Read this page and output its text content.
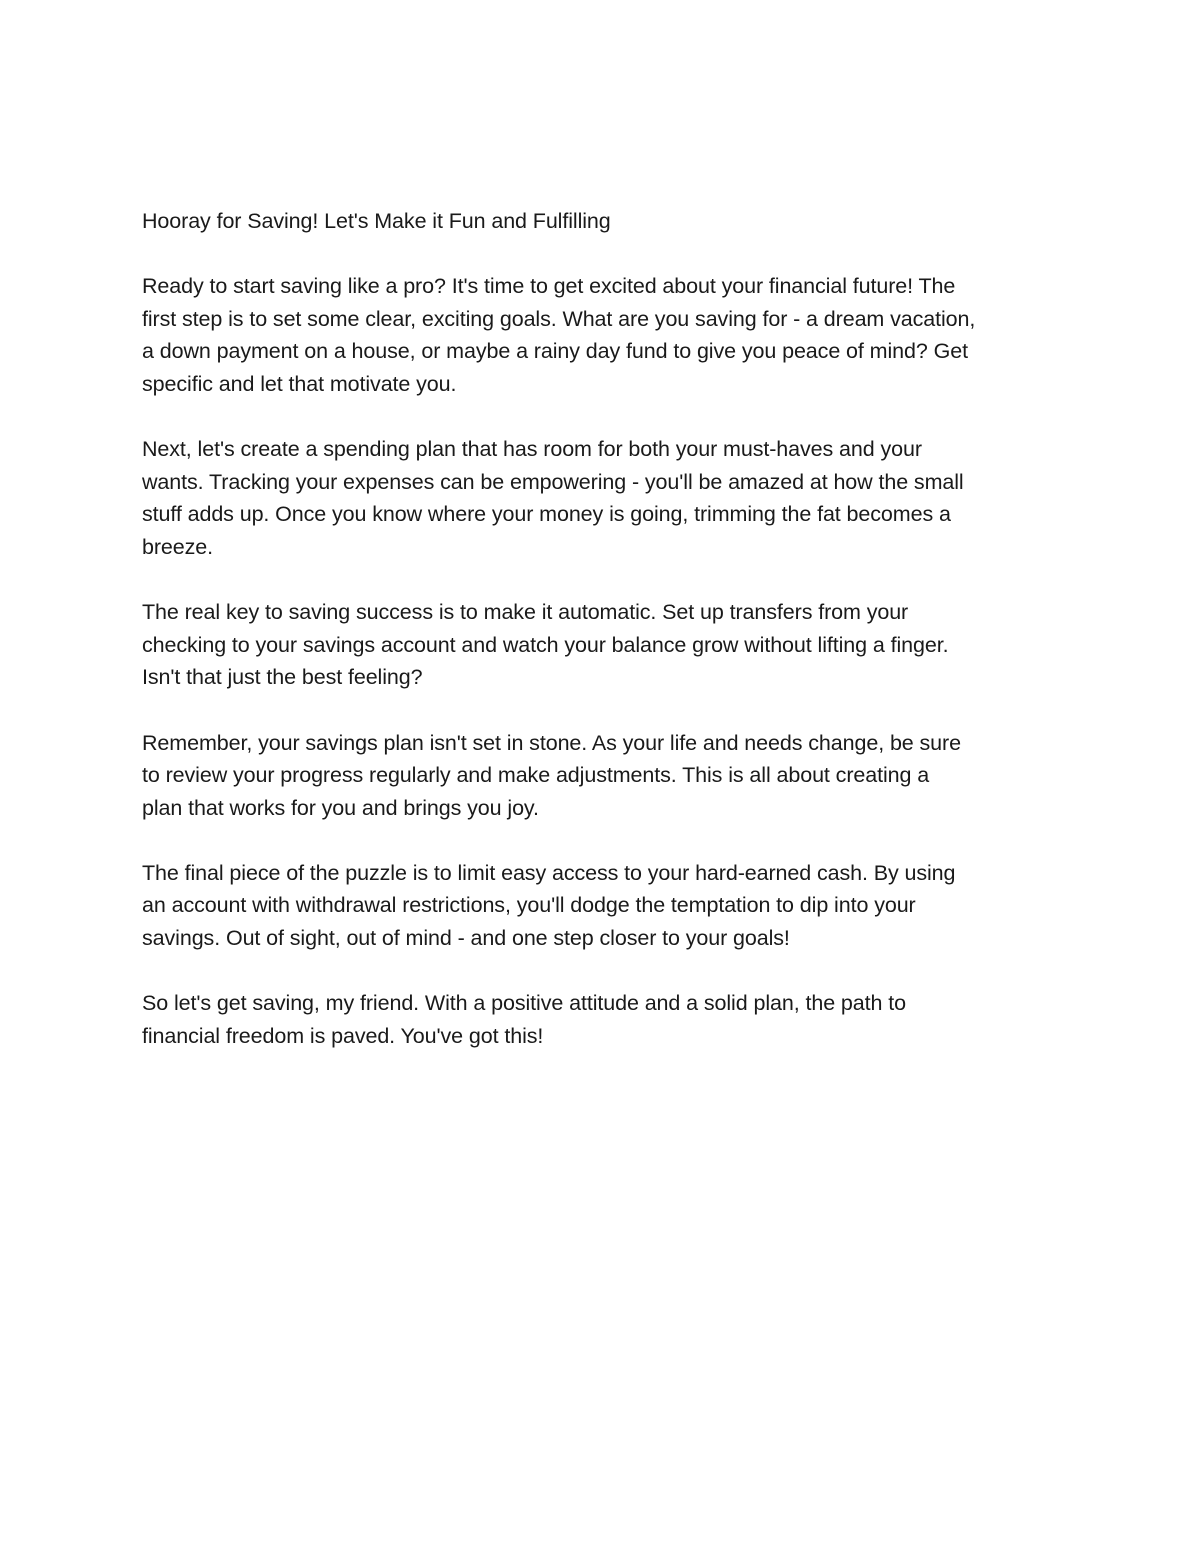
Hooray for Saving! Let's Make it Fun and Fulfilling
Ready to start saving like a pro? It's time to get excited about your financial future! The
first step is to set some clear, exciting goals. What are you saving for - a dream vacation,
a down payment on a house, or maybe a rainy day fund to give you peace of mind? Get
specific and let that motivate you.
Next, let's create a spending plan that has room for both your must-haves and your
wants. Tracking your expenses can be empowering - you'll be amazed at how the small
stuff adds up. Once you know where your money is going, trimming the fat becomes a
breeze.
The real key to saving success is to make it automatic. Set up transfers from your
checking to your savings account and watch your balance grow without lifting a finger.
Isn't that just the best feeling?
Remember, your savings plan isn't set in stone. As your life and needs change, be sure
to review your progress regularly and make adjustments. This is all about creating a
plan that works for you and brings you joy.
The final piece of the puzzle is to limit easy access to your hard-earned cash. By using
an account with withdrawal restrictions, you'll dodge the temptation to dip into your
savings. Out of sight, out of mind - and one step closer to your goals!
So let's get saving, my friend. With a positive attitude and a solid plan, the path to
financial freedom is paved. You've got this!
